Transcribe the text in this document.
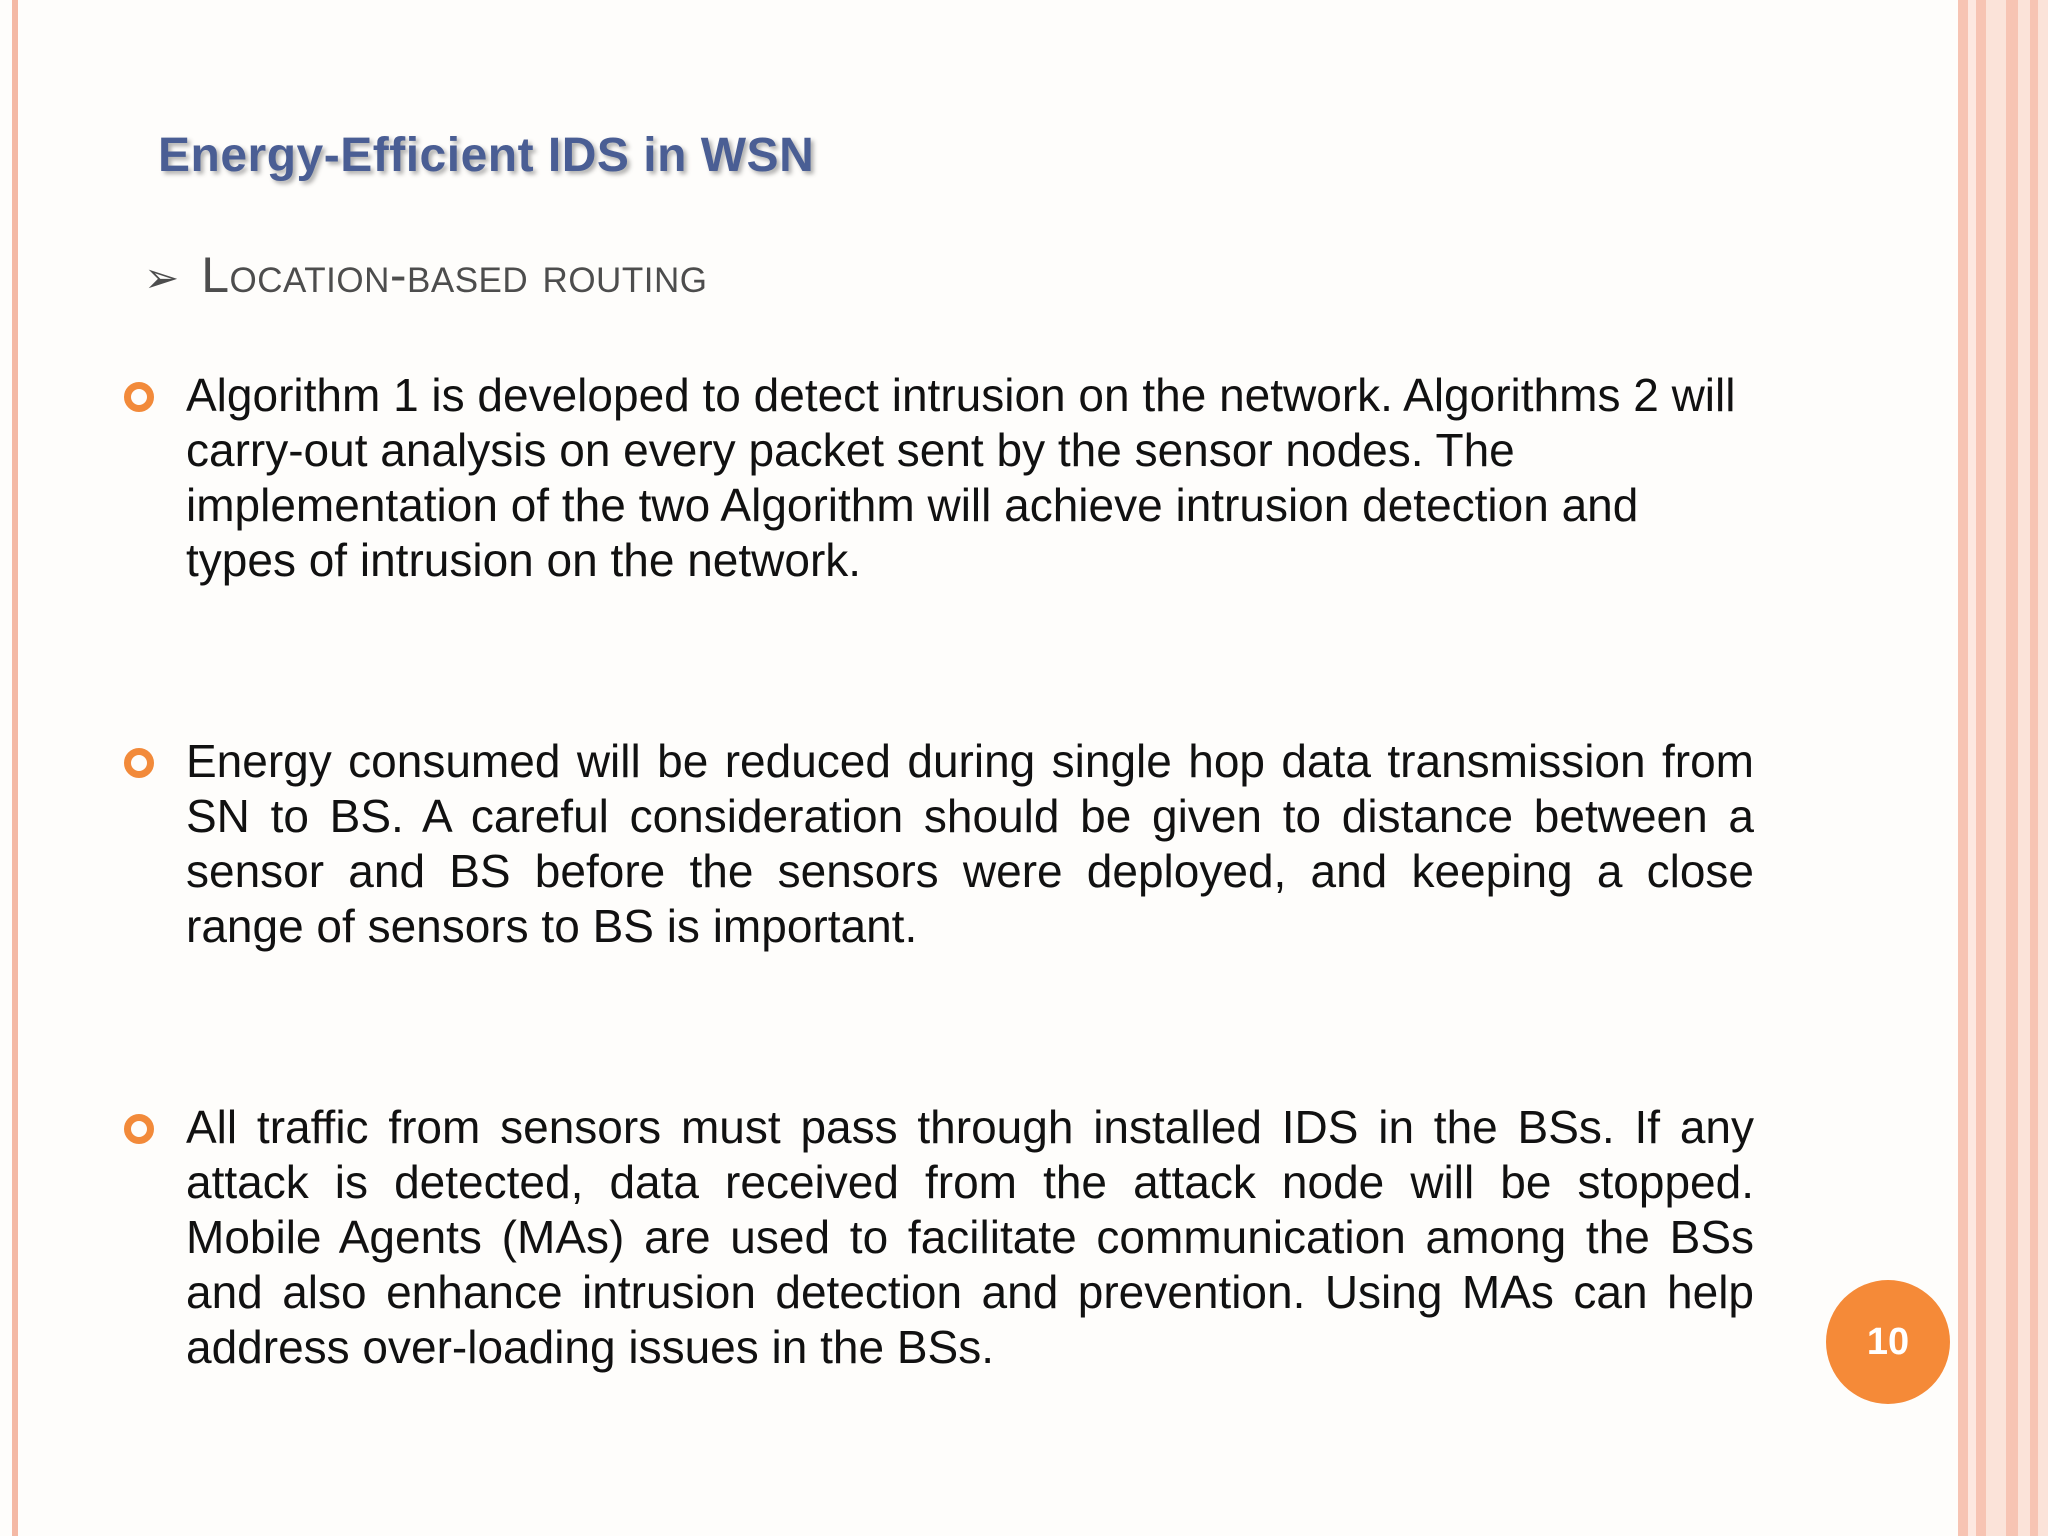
Energy-Efficient IDS in WSN
➢ Location-based routing
Algorithm 1 is developed to detect intrusion on the network. Algorithms 2 will carry-out analysis on every packet sent by the sensor nodes. The implementation of the two Algorithm will achieve intrusion detection and types of intrusion on the network.
Energy consumed will be reduced during single hop data transmission from SN to BS. A careful consideration should be given to distance between a sensor and BS before the sensors were deployed, and keeping a close range of sensors to BS is important.
All traffic from sensors must pass through installed IDS in the BSs. If any attack is detected, data received from the attack node will be stopped. Mobile Agents (MAs) are used to facilitate communication among the BSs and also enhance intrusion detection and prevention. Using MAs can help address over-loading issues in the BSs.	10
